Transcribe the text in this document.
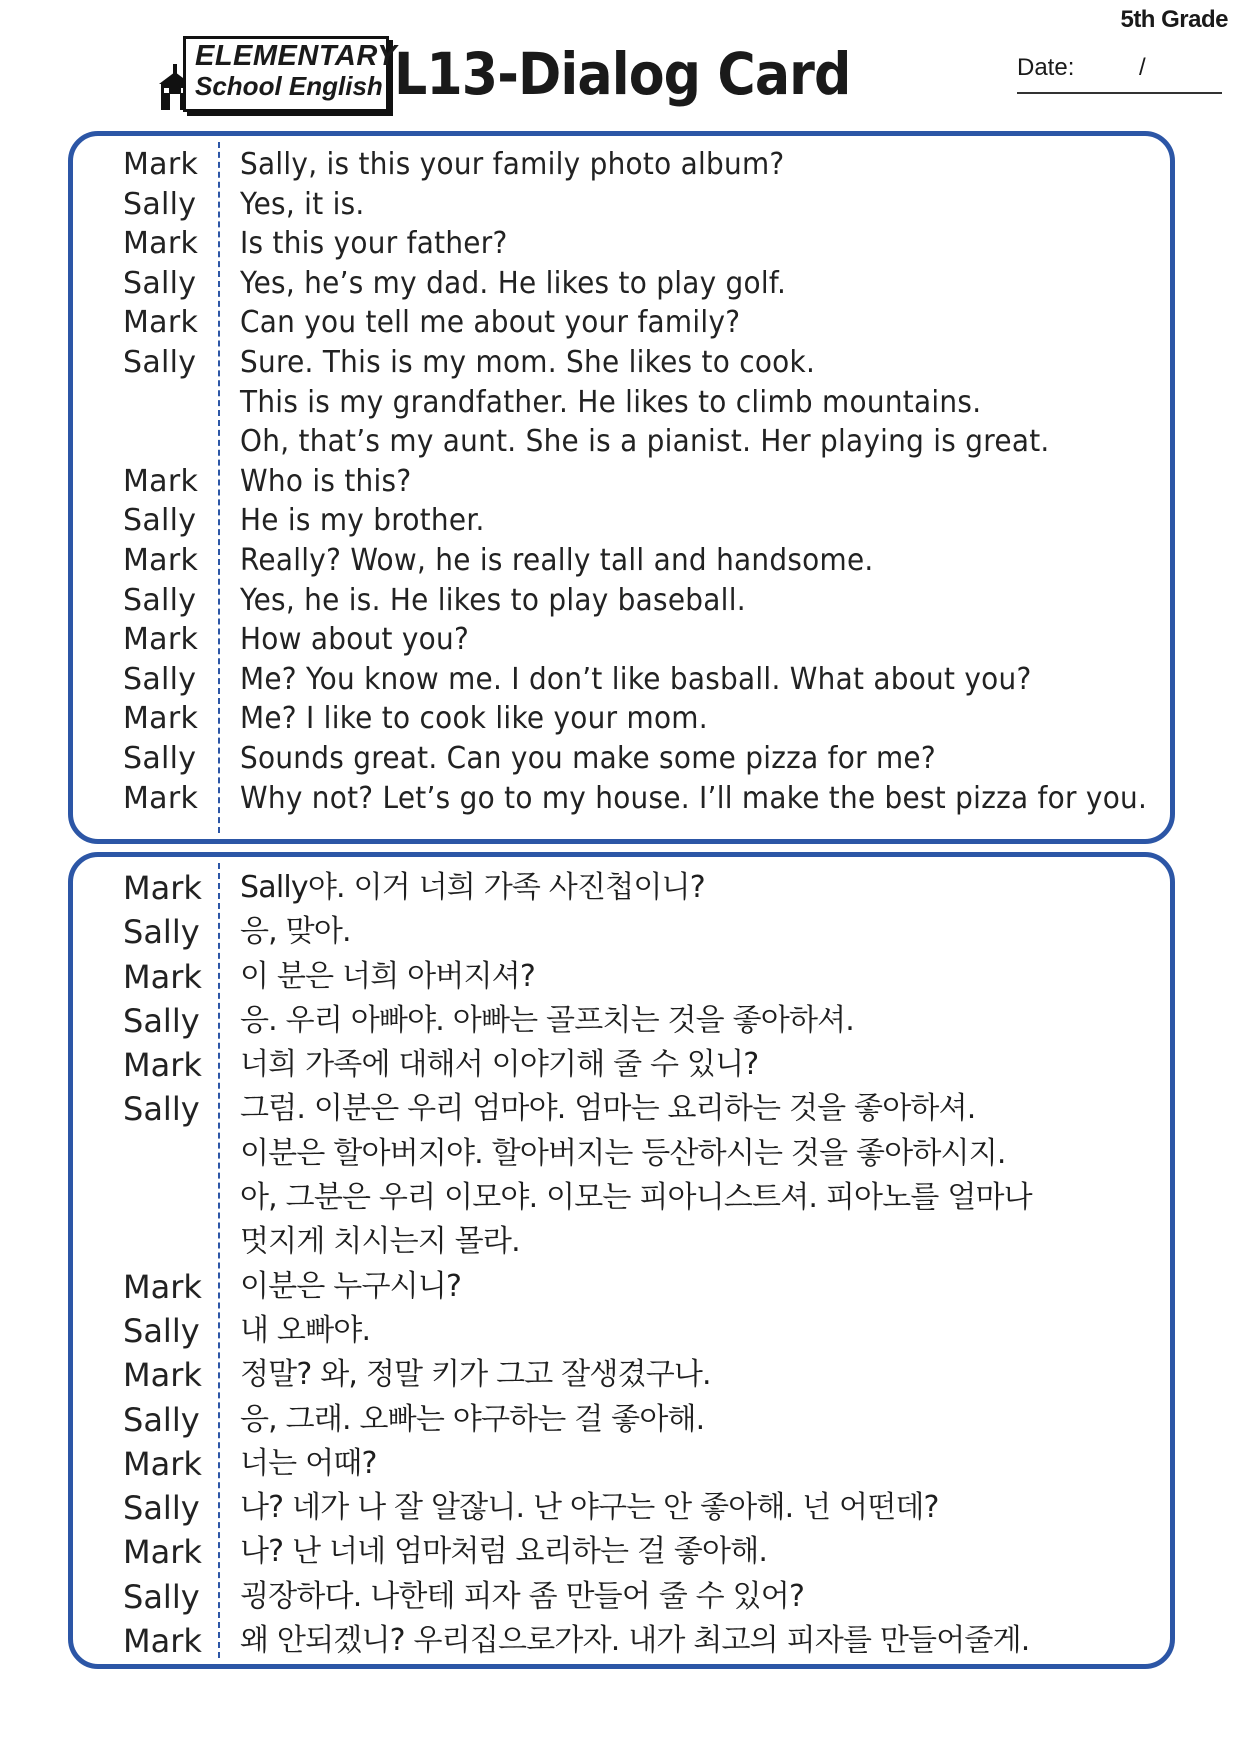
5th Grade
ELEMENTARY
School English L13-Dialog Card	Date:	/
Mark Sally, is this your family photo album?
Sally Yes, it is.
Mark Is this your father?
Sally Yes, he’s my dad. He likes to play golf.
Mark Can you tell me about your family?
Sally Sure. This is my mom. She likes to cook.
This is my grandfather. He likes to climb mountains.
Oh, that’s my aunt. She is a pianist. Her playing is great.
Mark Who is this?
Sally He is my brother.
Mark Really? Wow, he is really tall and handsome.
Sally Yes, he is. He likes to play baseball.
Mark How about you?
Sally Me? You know me. I don’t like basball. What about you?
Mark Me? I like to cook like your mom.
Sally Sounds great. Can you make some pizza for me?
Mark Why not? Let’s go to my house. I’ll make the best pizza for you.
Mark Sally야. 이거 너희 가족 사진첩이니?
Sally 응, 맞아.
Mark 이 분은 너희 아버지셔?
Sally 응. 우리 아빠야. 아빠는 골프치는 것을 좋아하셔.
Mark 너희 가족에 대해서 이야기해 줄 수 있니?
Sally 그럼. 이분은 우리 엄마야. 엄마는 요리하는 것을 좋아하셔.
이분은 할아버지야. 할아버지는 등산하시는 것을 좋아하시지.
아, 그분은 우리 이모야. 이모는 피아니스트셔. 피아노를 얼마나
멋지게 치시는지 몰라.
Mark 이분은 누구시니?
Sally 내 오빠야.
Mark 정말? 와, 정말 키가 그고 잘생겼구나.
Sally 응, 그래. 오빠는 야구하는 걸 좋아해.
Mark 너는 어때?
Sally 나? 네가 나 잘 알잖니. 난 야구는 안 좋아해. 넌 어떤데?
Mark 나? 난 너네 엄마처럼 요리하는 걸 좋아해.
Sally 굉장하다. 나한테 피자 좀 만들어 줄 수 있어?
Mark 왜 안되겠니? 우리집으로가자. 내가 최고의 피자를 만들어줄게.
